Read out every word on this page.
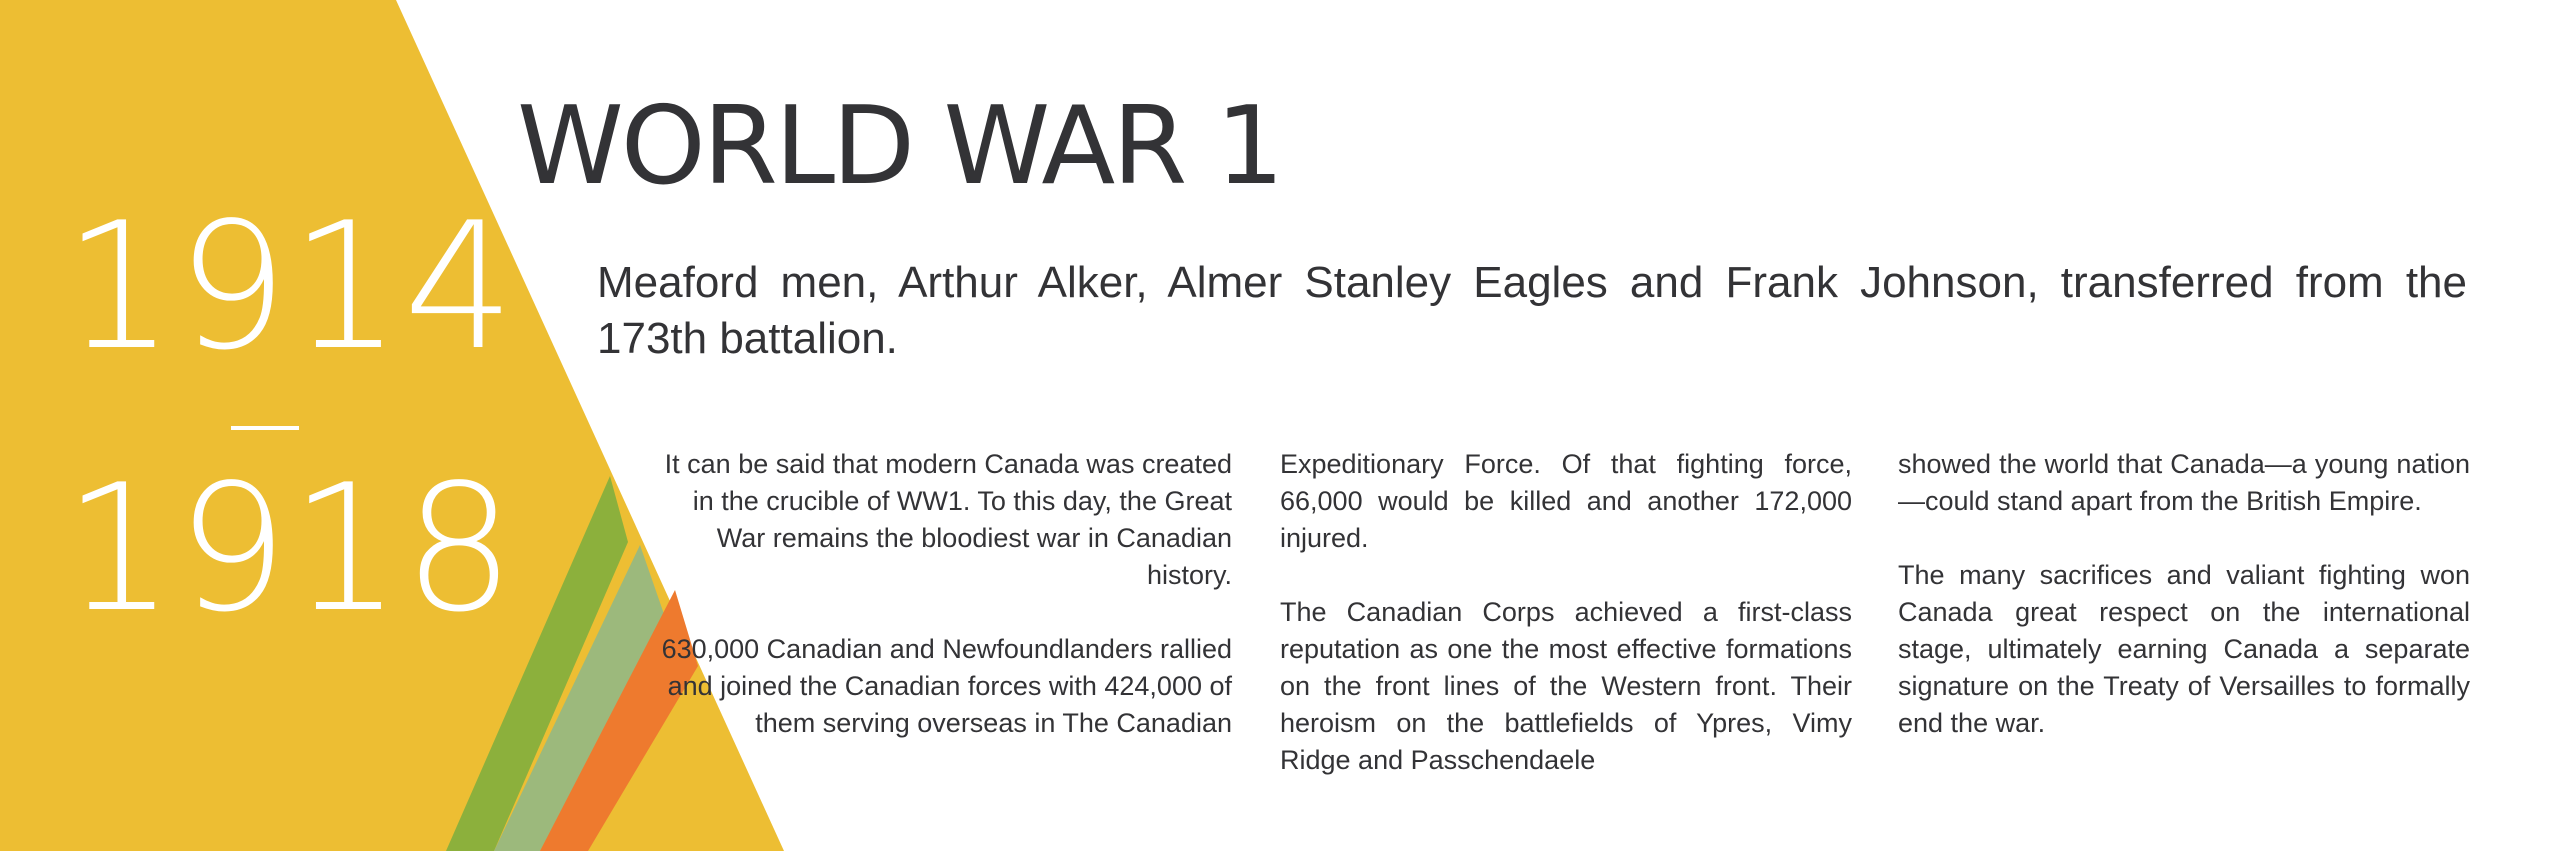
1914
1918
WORLD WAR 1

Meaford men, Arthur Alker, Almer Stanley Eagles and Frank Johnson, transferred from the 173th battalion.

It can be said that modern Canada was created in the crucible of WW1. To this day, the Great War remains the bloodiest war in Canadian history.

630,000 Canadian and Newfoundlanders rallied and joined the Canadian forces with 424,000 of them serving overseas in The Canadian

Expeditionary Force. Of that fighting force, 66,000 would be killed and another 172,000 injured.

The Canadian Corps achieved a first-class reputation as one the most effective formations on the front lines of the Western front. Their heroism on the battlefields of Ypres, Vimy Ridge and Passchendaele

showed the world that Canada—a young nation—could stand apart from the British Empire.

The many sacrifices and valiant fighting won Canada great respect on the international stage, ultimately earning Canada a separate signature on the Treaty of Versailles to formally end the war.
